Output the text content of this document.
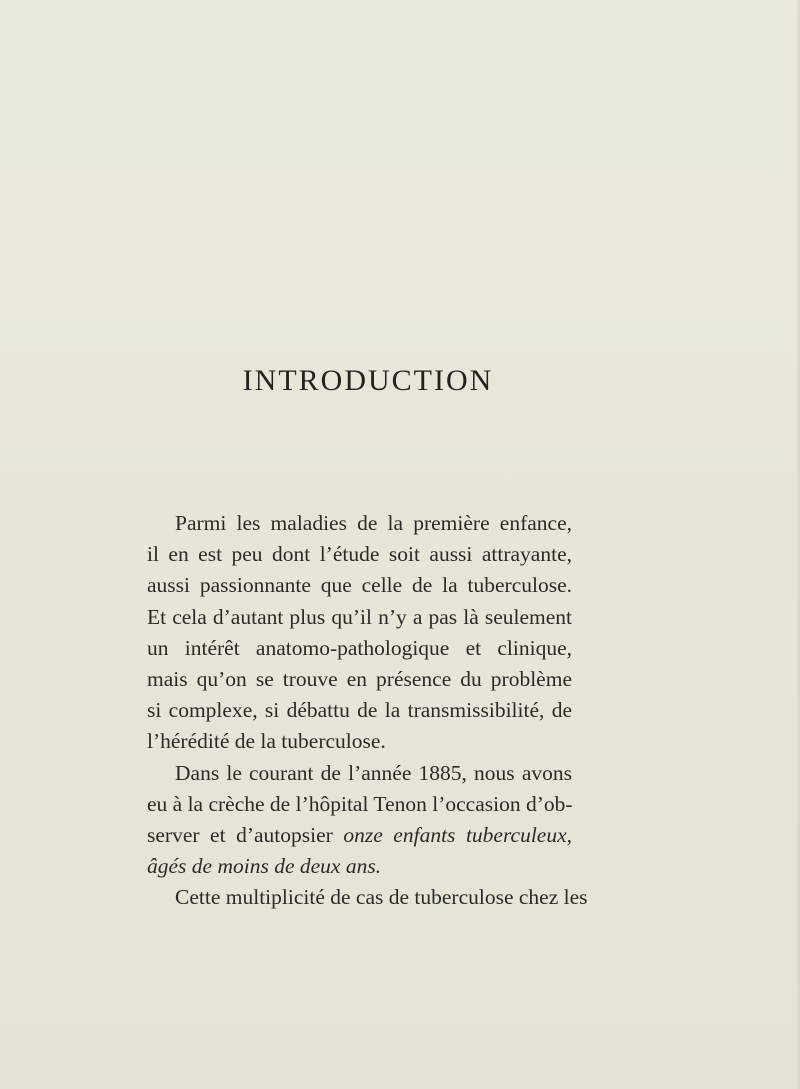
INTRODUCTION
Parmi les maladies de la première enfance,
il en est peu dont l’étude soit aussi attrayante,
aussi passionnante que celle de la tuberculose.
Et cela d’autant plus qu’il n’y a pas là seulement
un intérêt anatomo-pathologique et clinique,
mais qu’on se trouve en présence du problème
si complexe, si débattu de la transmissibilité, de
l’hérédité de la tuberculose.
Dans le courant de l’année 1885, nous avons
eu à la crèche de l’hôpital Tenon l’occasion d’ob-
server et d’autopsier onze enfants tuberculeux,
âgés de moins de deux ans.
Cette multiplicité de cas de tuberculose chez les
